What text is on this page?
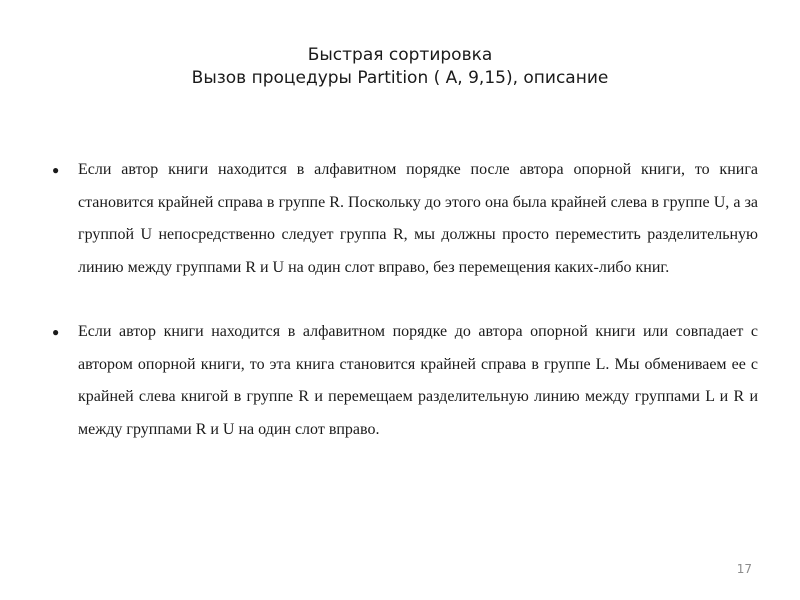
Быстрая сортировка
Вызов процедуры Partition ( A, 9,15), описание
● Если автор книги находится в алфавитном порядке после автора опорной книги, то книга становится крайней справа в группе R. Поскольку до этого она была крайней слева в группе U, а за группой U непосредственно следует группа R, мы должны просто переместить разделительную линию между группами R и U на один слот вправо, без перемещения каких-либо книг.
● Если автор книги находится в алфавитном порядке до автора опорной книги или совпадает с автором опорной книги, то эта книга становится крайней справа в группе L. Мы обмениваем ее с крайней слева книгой в группе R и перемещаем разделительную линию между группами L и R и между группами R и U на один слот вправо.
17
